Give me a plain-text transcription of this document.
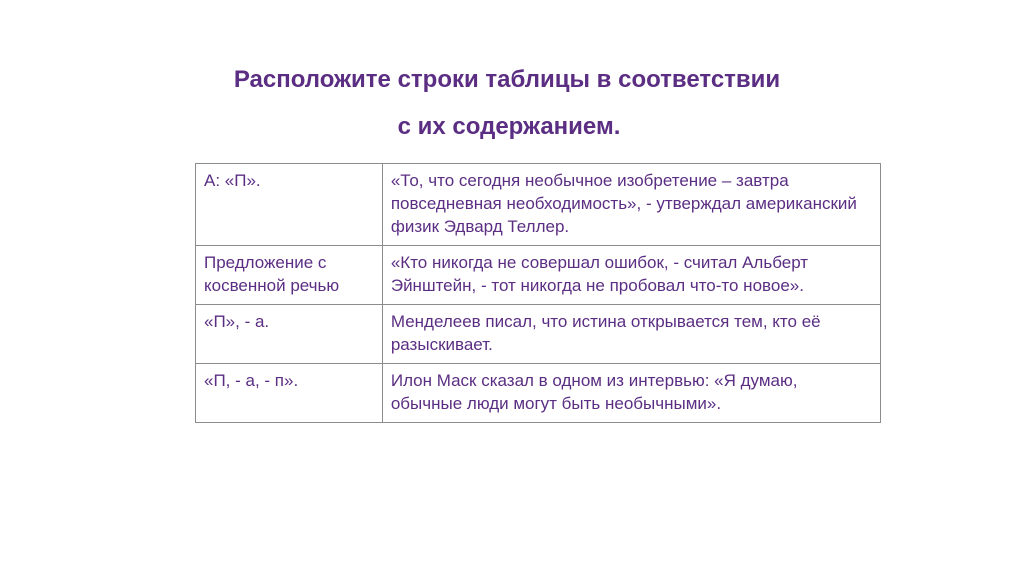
Расположите строки таблицы в соответствии
с их содержанием.
А: «П».	«То, что сегодня необычное изобретение – завтра повседневная необходимость», - утверждал американский физик Эдвард Теллер.
Предложение с косвенной речью	«Кто никогда не совершал ошибок, - считал Альберт Эйнштейн, - тот никогда не пробовал что-то новое».
«П», - а.	Менделеев писал, что истина открывается тем, кто её разыскивает.
«П, - а, - п».	Илон Маск сказал в одном из интервью: «Я думаю, обычные люди могут быть необычными».
